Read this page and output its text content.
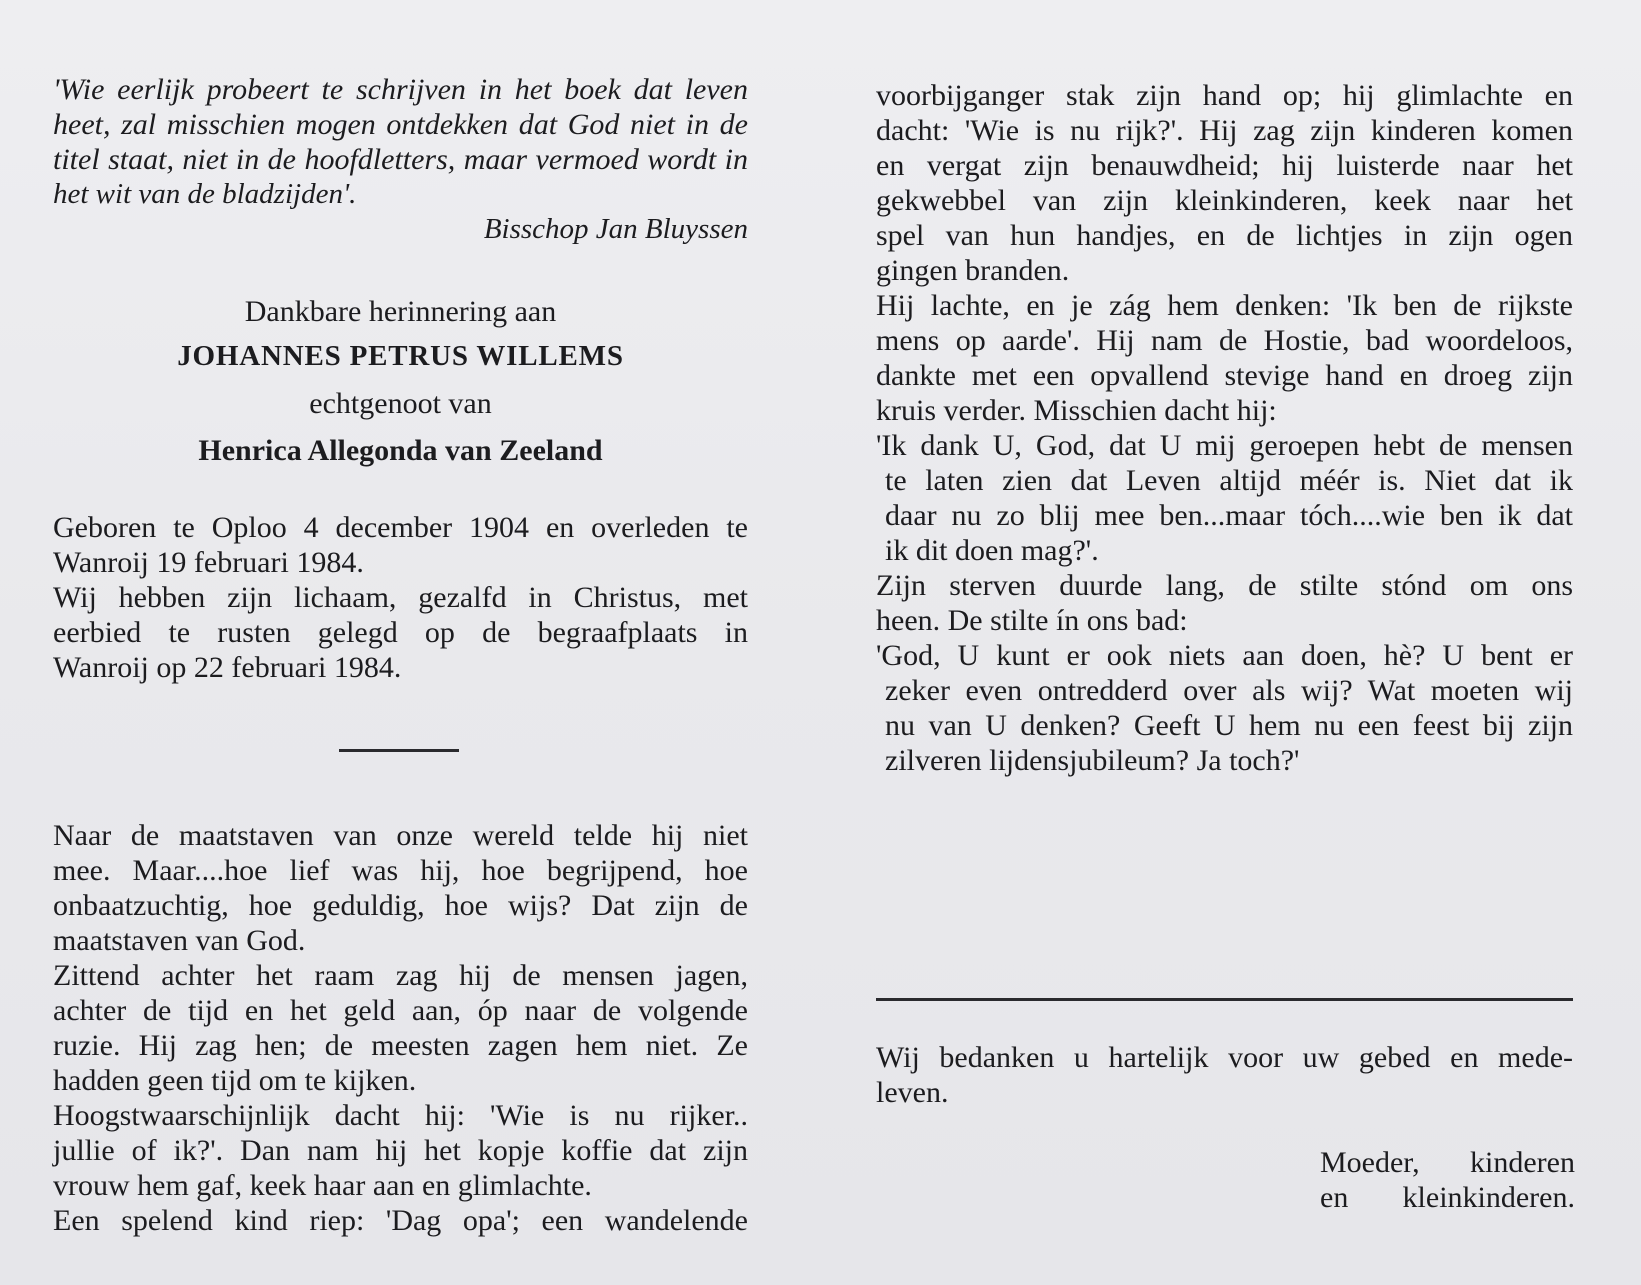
'Wie eerlijk probeert te schrijven in het boek dat leven
heet, zal misschien mogen ontdekken dat God niet in de
titel staat, niet in de hoofdletters, maar vermoed wordt in
het wit van de bladzijden'.

Bisschop Jan Bluyssen

Dankbare herinnering aan
JOHANNES PETRUS WILLEMS
echtgenoot van
Henrica Allegonda van Zeeland
Geboren te Oploo 4 december 1904 en overleden te
Wanroij 19 februari 1984.
Wij hebben zijn lichaam, gezalfd in Christus, met
eerbied te rusten gelegd op de begraafplaats in
Wanroij op 22 februari 1984.
Naar de maatstaven van onze wereld telde hij niet
mee. Maar....hoe lief was hij, hoe begrijpend, hoe
onbaatzuchtig, hoe geduldig, hoe wijs? Dat zijn de
maatstaven van God.
Zittend achter het raam zag hij de mensen jagen,
achter de tijd en het geld aan, óp naar de volgende
ruzie. Hij zag hen; de meesten zagen hem niet. Ze
hadden geen tijd om te kijken.
Hoogstwaarschijnlijk dacht hij: 'Wie is nu rijker..
jullie of ik?'. Dan nam hij het kopje koffie dat zijn
vrouw hem gaf, keek haar aan en glimlachte.
Een spelend kind riep: 'Dag opa'; een wandelende
voorbijganger stak zijn hand op; hij glimlachte en
dacht: 'Wie is nu rijk?'. Hij zag zijn kinderen komen
en vergat zijn benauwdheid; hij luisterde naar het
gekwebbel van zijn kleinkinderen, keek naar het
spel van hun handjes, en de lichtjes in zijn ogen
gingen branden.
Hij lachte, en je zág hem denken: 'Ik ben de rijkste
mens op aarde'. Hij nam de Hostie, bad woordeloos,
dankte met een opvallend stevige hand en droeg zijn
kruis verder. Misschien dacht hij:
'Ik dank U, God, dat U mij geroepen hebt de mensen
te laten zien dat Leven altijd méér is. Niet dat ik
daar nu zo blij mee ben...maar tóch....wie ben ik dat
ik dit doen mag?'.
Zijn sterven duurde lang, de stilte stónd om ons
heen. De stilte ín ons bad:
'God, U kunt er ook niets aan doen, hè? U bent er
zeker even ontredderd over als wij? Wat moeten wij
nu van U denken? Geeft U hem nu een feest bij zijn
zilveren lijdensjubileum? Ja toch?'
Wij bedanken u hartelijk voor uw gebed en mede-
leven.
Moeder, kinderen
en kleinkinderen.
